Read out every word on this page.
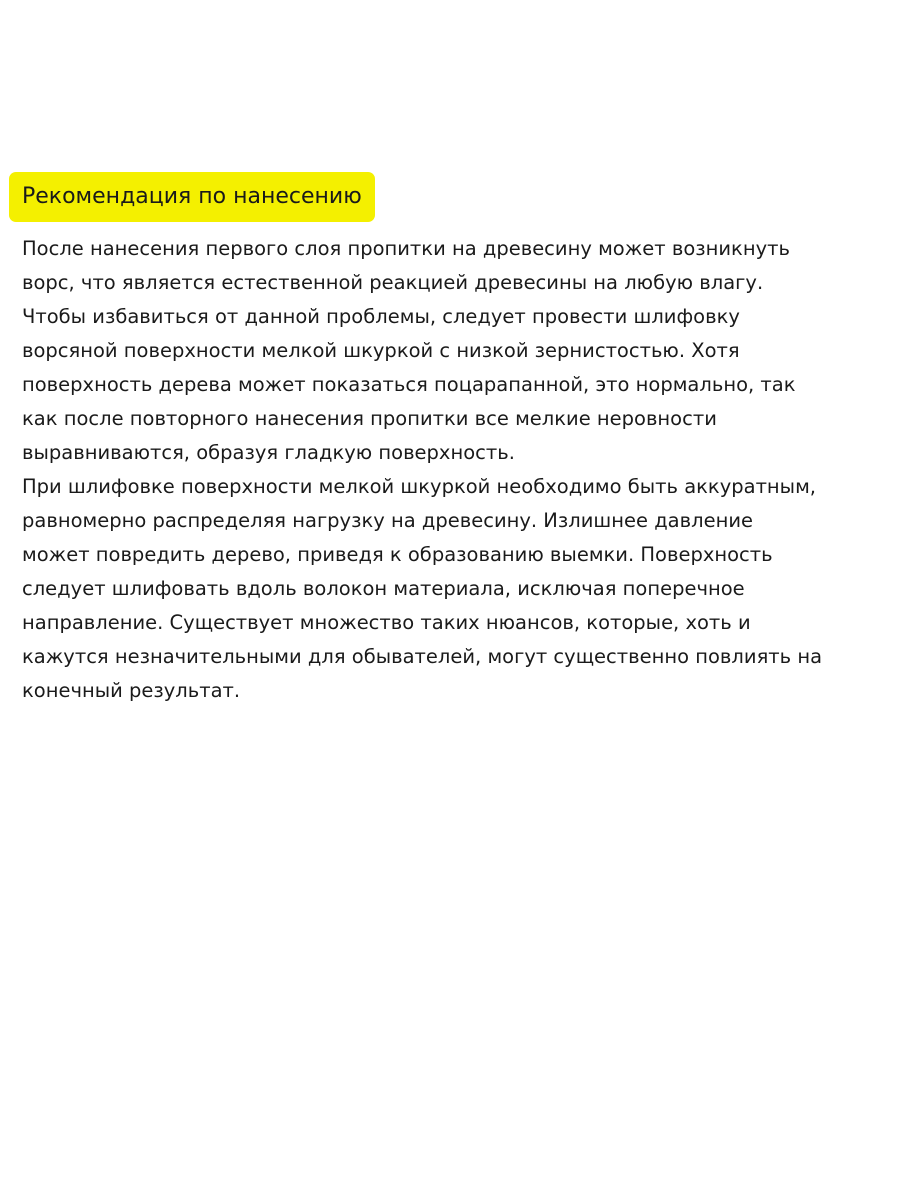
Рекомендация по нанесению
После нанесения первого слоя пропитки на древесину может возникнуть
ворс, что является естественной реакцией древесины на любую влагу.
Чтобы избавиться от данной проблемы, следует провести шлифовку
ворсяной поверхности мелкой шкуркой с низкой зернистостью. Хотя
поверхность дерева может показаться поцарапанной, это нормально, так
как после повторного нанесения пропитки все мелкие неровности
выравниваются, образуя гладкую поверхность.
При шлифовке поверхности мелкой шкуркой необходимо быть аккуратным,
равномерно распределяя нагрузку на древесину. Излишнее давление
может повредить дерево, приведя к образованию выемки. Поверхность
следует шлифовать вдоль волокон материала, исключая поперечное
направление. Существует множество таких нюансов, которые, хоть и
кажутся незначительными для обывателей, могут существенно повлиять на
конечный результат.
